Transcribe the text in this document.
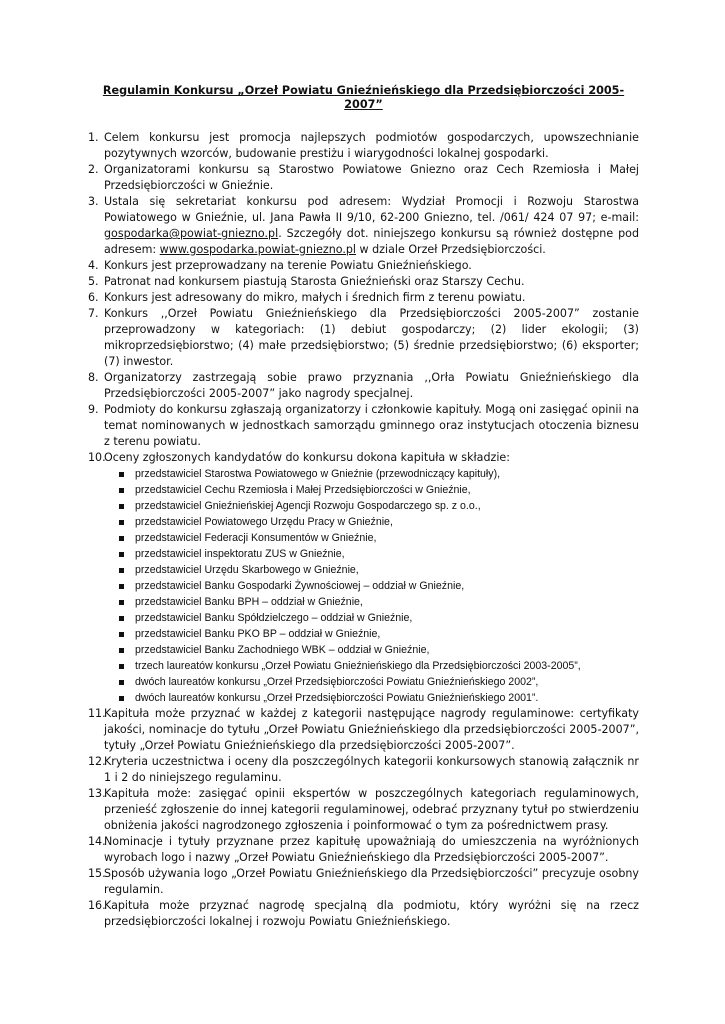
Regulamin Konkursu „Orzeł Powiatu Gnieźnieńskiego dla Przedsiębiorczości 2005-2007”
1. Celem konkursu jest promocja najlepszych podmiotów gospodarczych, upowszechnianie pozytywnych wzorców, budowanie prestiżu i wiarygodności lokalnej gospodarki.
2. Organizatorami konkursu są Starostwo Powiatowe Gniezno oraz Cech Rzemiosła i Małej Przedsiębiorczości w Gnieźnie.
3. Ustala się sekretariat konkursu pod adresem: Wydział Promocji i Rozwoju Starostwa Powiatowego w Gnieźnie, ul. Jana Pawła II 9/10, 62-200 Gniezno, tel. /061/ 424 07 97; e-mail: gospodarka@powiat-gniezno.pl. Szczegóły dot. niniejszego konkursu są również dostępne pod adresem: www.gospodarka.powiat-gniezno.pl w dziale Orzeł Przedsiębiorczości.
4. Konkurs jest przeprowadzany na terenie Powiatu Gnieźnieńskiego.
5. Patronat nad konkursem piastują Starosta Gnieźnieński oraz Starszy Cechu.
6. Konkurs jest adresowany do mikro, małych i średnich firm z terenu powiatu.
7. Konkurs ,,Orzeł Powiatu Gnieźnieńskiego dla Przedsiębiorczości 2005-2007” zostanie przeprowadzony w kategoriach: (1) debiut gospodarczy; (2) lider ekologii; (3) mikroprzedsiębiorstwo; (4) małe przedsiębiorstwo; (5) średnie przedsiębiorstwo; (6) eksporter; (7) inwestor.
8. Organizatorzy zastrzegają sobie prawo przyznania ,,Orła Powiatu Gnieźnieńskiego dla Przedsiębiorczości 2005-2007” jako nagrody specjalnej.
9. Podmioty do konkursu zgłaszają organizatorzy i członkowie kapituły. Mogą oni zasięgać opinii na temat nominowanych w jednostkach samorządu gminnego oraz instytucjach otoczenia biznesu z terenu powiatu.
10.
Oceny zgłoszonych kandydatów do konkursu dokona kapituła w składzie:
przedstawiciel Starostwa Powiatowego w Gnieźnie (przewodniczący kapituły),
przedstawiciel Cechu Rzemiosła i Małej Przedsiębiorczości w Gnieźnie,
przedstawiciel Gnieźnieńskiej Agencji Rozwoju Gospodarczego sp. z o.o.,
przedstawiciel Powiatowego Urzędu Pracy w Gnieźnie,
przedstawiciel Federacji Konsumentów w Gnieźnie,
przedstawiciel inspektoratu ZUS w Gnieźnie,
przedstawiciel Urzędu Skarbowego w Gnieźnie,
przedstawiciel Banku Gospodarki Żywnościowej – oddział w Gnieźnie,
przedstawiciel Banku BPH – oddział w Gnieźnie,
przedstawiciel Banku Spółdzielczego – oddział w Gnieźnie,
przedstawiciel Banku PKO BP – oddział w Gnieźnie,
przedstawiciel Banku Zachodniego WBK – oddział w Gnieźnie,
trzech laureatów konkursu „Orzeł Powiatu Gnieźnieńskiego dla Przedsiębiorczości 2003-2005”,
dwóch laureatów konkursu „Orzeł Przedsiębiorczości Powiatu Gnieźnieńskiego 2002”,
dwóch laureatów konkursu „Orzeł Przedsiębiorczości Powiatu Gnieźnieńskiego 2001”.
11.
Kapituła może przyznać w każdej z kategorii następujące nagrody regulaminowe: certyfikaty jakości, nominacje do tytułu „Orzeł Powiatu Gnieźnieńskiego dla przedsiębiorczości 2005-2007”, tytuły „Orzeł Powiatu Gnieźnieńskiego dla przedsiębiorczości 2005-2007”.
12.
Kryteria uczestnictwa i oceny dla poszczególnych kategorii konkursowych stanowią załącznik nr 1 i 2 do niniejszego regulaminu.
13.
Kapituła może: zasięgać opinii ekspertów w poszczególnych kategoriach regulaminowych, przenieść zgłoszenie do innej kategorii regulaminowej, odebrać przyznany tytuł po stwierdzeniu obniżenia jakości nagrodzonego zgłoszenia i poinformować o tym za pośrednictwem prasy.
14.
Nominacje i tytuły przyznane przez kapitułę upoważniają do umieszczenia na wyróżnionych wyrobach logo i nazwy „Orzeł Powiatu Gnieźnieńskiego dla Przedsiębiorczości 2005-2007”.
15.
Sposób używania logo „Orzeł Powiatu Gnieźnieńskiego dla Przedsiębiorczości” precyzuje osobny regulamin.
16.
Kapituła może przyznać nagrodę specjalną dla podmiotu, który wyróżni się na rzecz przedsiębiorczości lokalnej i rozwoju Powiatu Gnieźnieńskiego.
